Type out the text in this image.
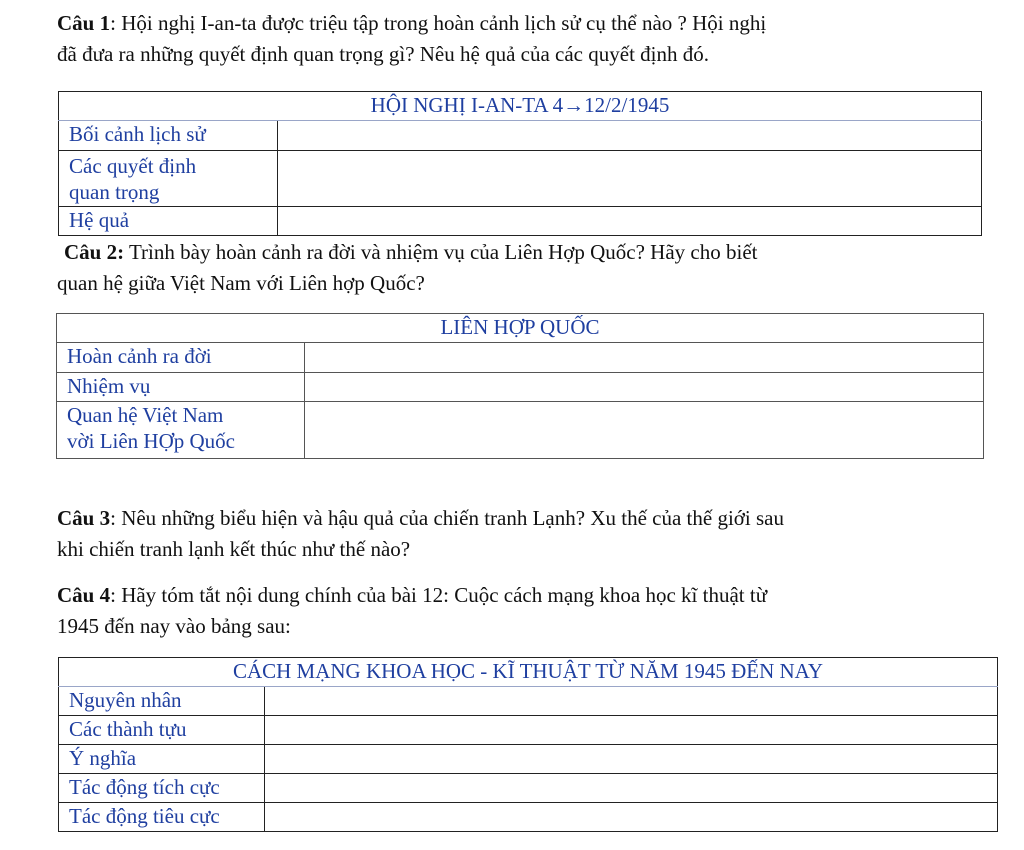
Câu 1: Hội nghị I-an-ta được triệu tập trong hoàn cảnh lịch sử cụ thể nào ? Hội nghị
đã đưa ra những quyết định quan trọng gì? Nêu hệ quả của các quyết định đó.

HỘI NGHỊ I-AN-TA 4→12/2/1945	
Bối cảnh lịch sử	
Các quyết định
quan trọng	
Hệ quả	

Câu 2: Trình bày hoàn cảnh ra đời và nhiệm vụ của Liên Hợp Quốc? Hãy cho biết
quan hệ giữa Việt Nam với Liên hợp Quốc?

LIÊN HỢP QUỐC	
Hoàn cảnh ra đời	
Nhiệm vụ	
Quan hệ Việt Nam
vời Liên HỢp Quốc	

Câu 3: Nêu những biểu hiện và hậu quả của chiến tranh Lạnh? Xu thế của thế giới sau
khi chiến tranh lạnh kết thúc như thế nào?

Câu 4: Hãy tóm tắt nội dung chính của bài 12: Cuộc cách mạng khoa học kĩ thuật từ
1945 đến nay vào bảng sau:

CÁCH MẠNG KHOA HỌC - KĨ THUẬT TỪ NĂM 1945 ĐẾN NAY	
Nguyên nhân	
Các thành tựu	
Ý nghĩa	
Tác động tích cực	
Tác động tiêu cực	
